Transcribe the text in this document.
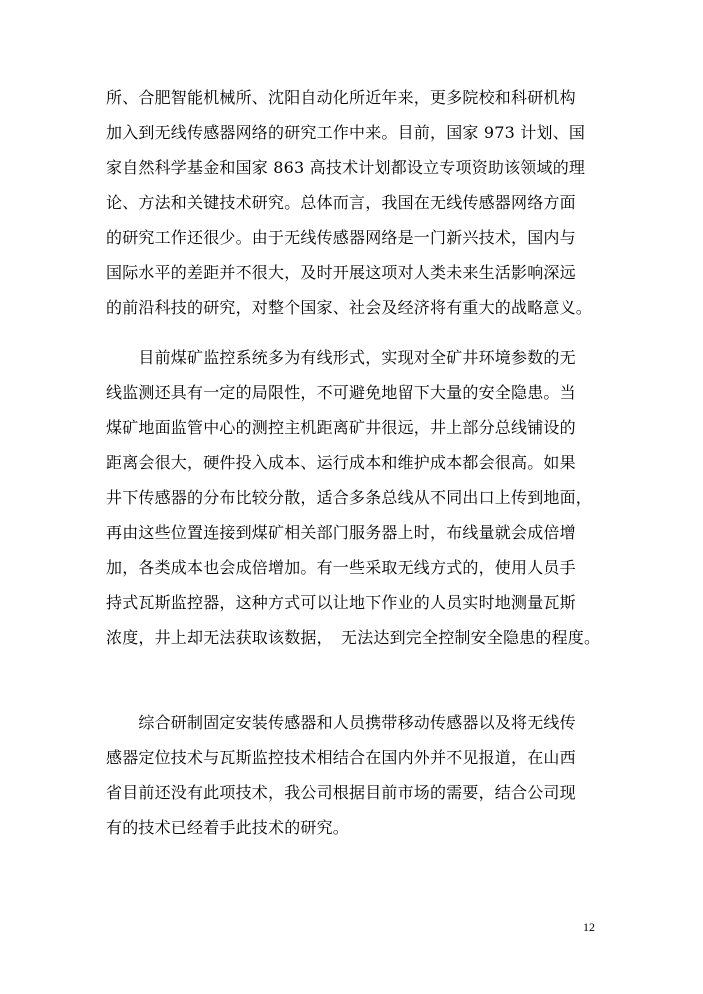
所、合肥智能机械所、沈阳自动化所近年来，更多院校和科研机构
加入到无线传感器网络的研究工作中来。目前，国家 973 计划、国
家自然科学基金和国家 863 高技术计划都设立专项资助该领域的理
论、方法和关键技术研究。总体而言，我国在无线传感器网络方面
的研究工作还很少。由于无线传感器网络是一门新兴技术，国内与
国际水平的差距并不很大，及时开展这项对人类未来生活影响深远
的前沿科技的研究，对整个国家、社会及经济将有重大的战略意义。
　　目前煤矿监控系统多为有线形式，实现对全矿井环境参数的无
线监测还具有一定的局限性，不可避免地留下大量的安全隐患。当
煤矿地面监管中心的测控主机距离矿井很远，井上部分总线铺设的
距离会很大，硬件投入成本、运行成本和维护成本都会很高。如果
井下传感器的分布比较分散，适合多条总线从不同出口上传到地面，
再由这些位置连接到煤矿相关部门服务器上时，布线量就会成倍增
加，各类成本也会成倍增加。有一些采取无线方式的，使用人员手
持式瓦斯监控器，这种方式可以让地下作业的人员实时地测量瓦斯
浓度，井上却无法获取该数据，　无法达到完全控制安全隐患的程度。
　　综合研制固定安装传感器和人员携带移动传感器以及将无线传
感器定位技术与瓦斯监控技术相结合在国内外并不见报道，在山西
省目前还没有此项技术，我公司根据目前市场的需要，结合公司现
有的技术已经着手此技术的研究。
12
